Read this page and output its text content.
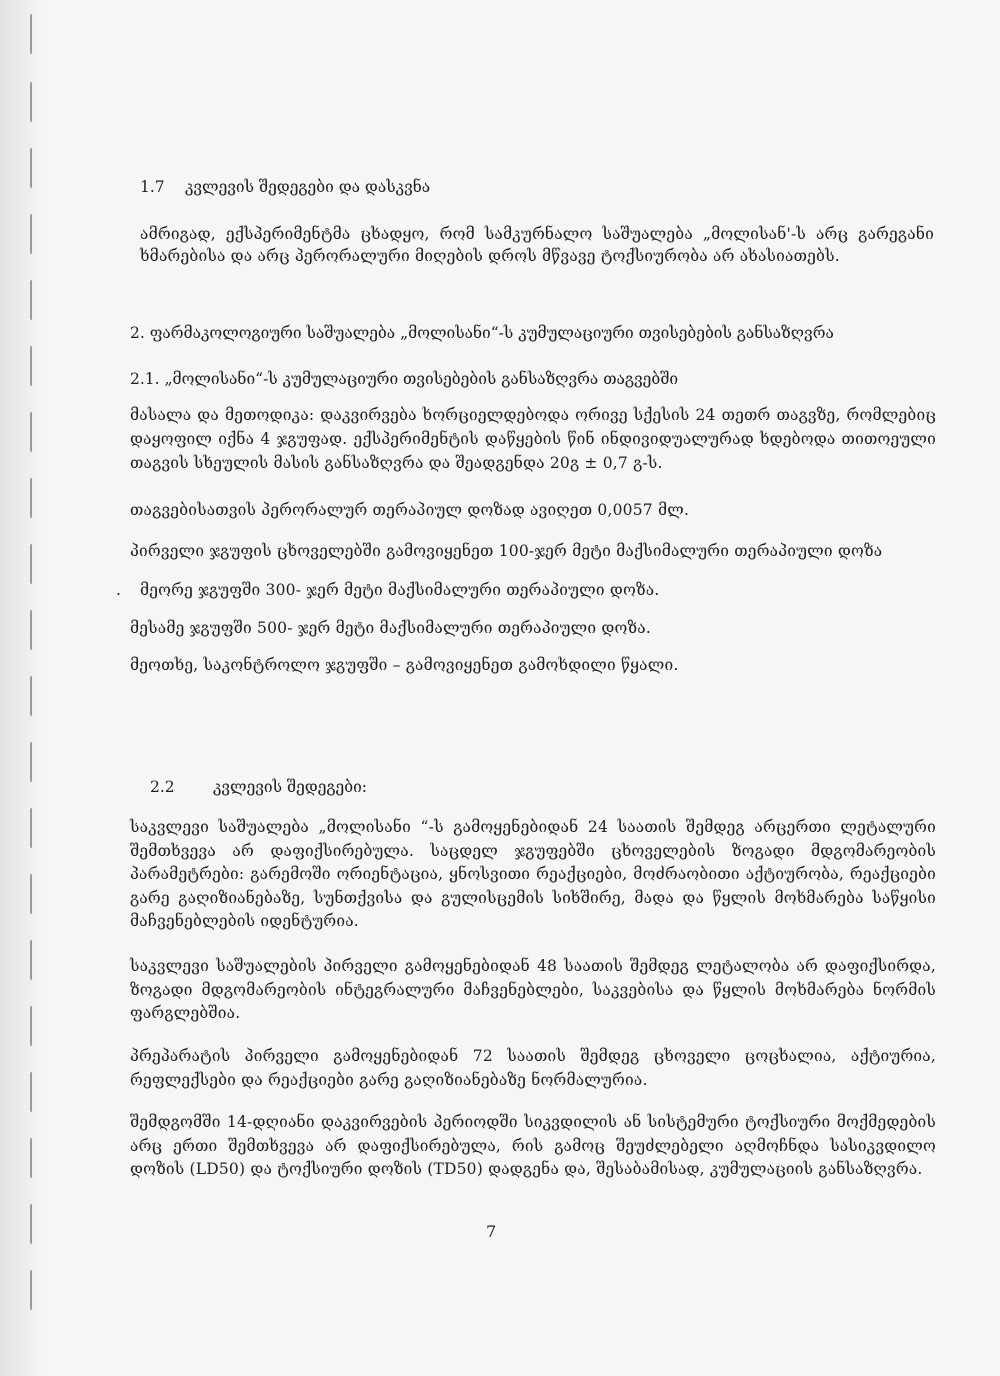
1.7 კვლევის შედეგები და დასკვნა

ამრიგად, ექსპერიმენტმა ცხადყო, რომ სამკურნალო საშუალება „მოლისან'-ს არც გარეგანი ხმარებისა და არც პერორალური მიღების დროს მწვავე ტოქსიურობა არ ახასიათებს.

2. ფარმაკოლოგიური საშუალება „მოლისანი“-ს კუმულაციური თვისებების განსაზღვრა

2.1. „მოლისანი“-ს კუმულაციური თვისებების განსაზღვრა თაგვებში

მასალა და მეთოდიკა: დაკვირვება ხორციელდებოდა ორივე სქესის 24 თეთრ თაგვზე, რომლებიც დაყოფილ იქნა 4 ჯგუფად. ექსპერიმენტის დაწყების წინ ინდივიდუალურად ხდებოდა თითოეული თაგვის სხეულის მასის განსაზღვრა და შეადგენდა 20გ ± 0,7 გ-ს.

თაგვებისათვის პერორალურ თერაპიულ დოზად ავიღეთ 0,0057 მლ.

პირველი ჯგუფის ცხოველებში გამოვიყენეთ 100-ჯერ მეტი მაქსიმალური თერაპიული დოზა

.	მეორე ჯგუფში 300- ჯერ მეტი მაქსიმალური თერაპიული დოზა.

მესამე ჯგუფში 500- ჯერ მეტი მაქსიმალური თერაპიული დოზა.

მეოთხე, საკონტროლო ჯგუფში – გამოვიყენეთ გამოხდილი წყალი.

2.2 კვლევის შედეგები:

საკვლევი საშუალება „მოლისანი “-ს გამოყენებიდან 24 საათის შემდეგ არცერთი ლეტალური შემთხვევა არ დაფიქსირებულა. საცდელ ჯგუფებში ცხოველების ზოგადი მდგომარეობის პარამეტრები: გარემოში ორიენტაცია, ყნოსვითი რეაქციები, მოძრაობითი აქტიურობა, რეაქციები გარე გაღიზიანებაზე, სუნთქვისა და გულისცემის სიხშირე, მადა და წყლის მოხმარება საწყისი მაჩვენებლების იდენტურია.

საკვლევი საშუალების პირველი გამოყენებიდან 48 საათის შემდეგ ლეტალობა არ დაფიქსირდა, ზოგადი მდგომარეობის ინტეგრალური მაჩვენებლები, საკვებისა და წყლის მოხმარება ნორმის ფარგლებშია.

პრეპარატის პირველი გამოყენებიდან 72 საათის შემდეგ ცხოველი ცოცხალია, აქტიურია, რეფლექსები და რეაქციები გარე გაღიზიანებაზე ნორმალურია.

შემდგომში 14-დღიანი დაკვირვების პერიოდში სიკვდილის ან სისტემური ტოქსიური მოქმედების არც ერთი შემთხვევა არ დაფიქსირებულა, რის გამოც შეუძლებელი აღმოჩნდა სასიკვდილო დოზის (LD50) და ტოქსიური დოზის (TD50) დადგენა და, შესაბამისად, კუმულაციის განსაზღვრა.

7
